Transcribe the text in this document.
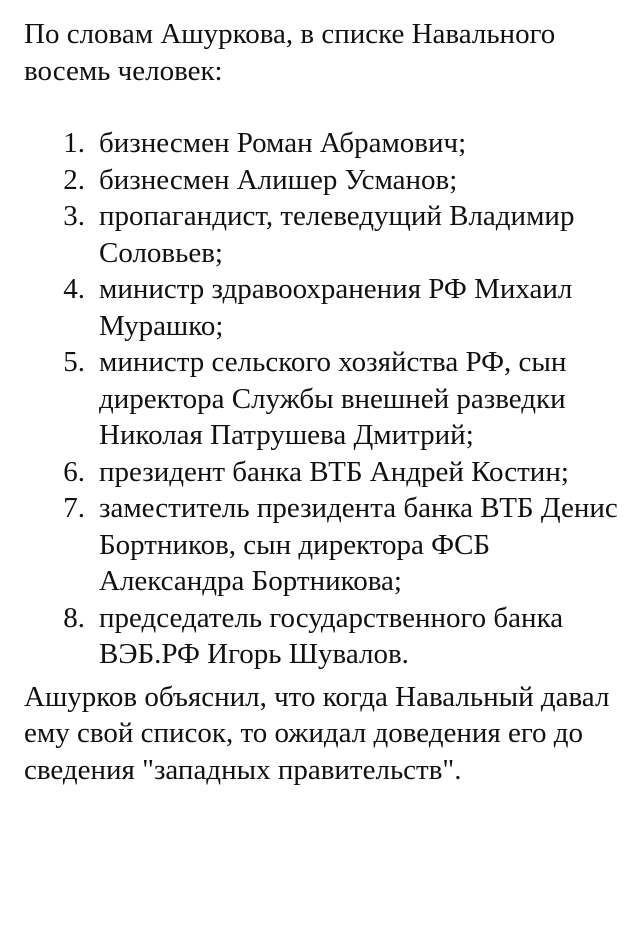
По словам Ашуркова, в списке Навального восемь человек:

1. бизнесмен Роман Абрамович;
2. бизнесмен Алишер Усманов;
3. пропагандист, телеведущий Владимир Соловьев;
4. министр здравоохранения РФ Михаил Мурашко;
5. министр сельского хозяйства РФ, сын директора Службы внешней разведки Николая Патрушева Дмитрий;
6. президент банка ВТБ Андрей Костин;
7. заместитель президента банка ВТБ Денис Бортников, сын директора ФСБ Александра Бортникова;
8. председатель государственного банка ВЭБ.РФ Игорь Шувалов.

Ашурков объяснил, что когда Навальный давал ему свой список, то ожидал доведения его до сведения "западных правительств".
